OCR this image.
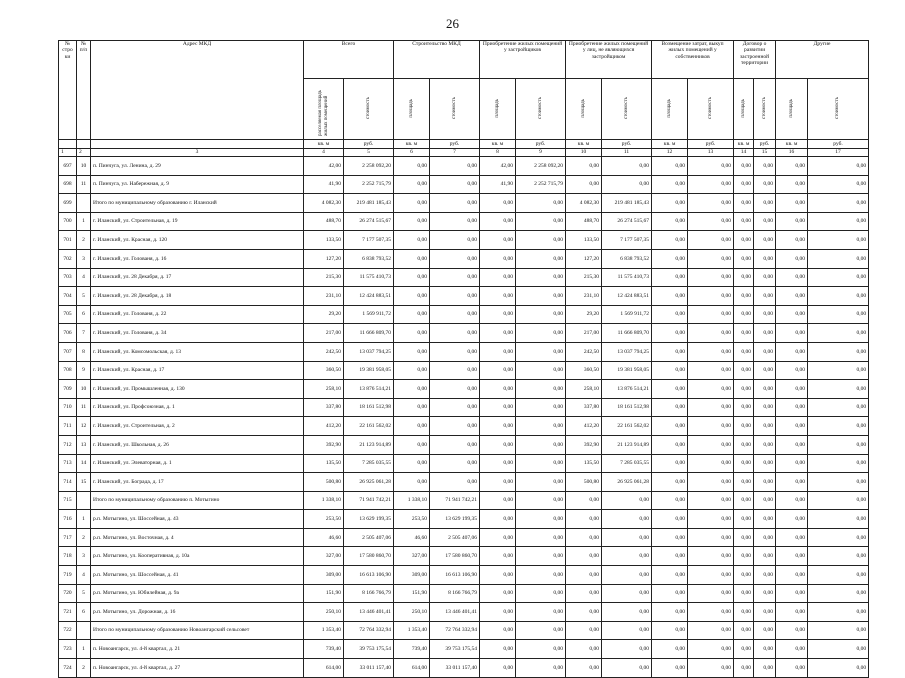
26
№ стро ки	№ п/п	Адрес МКД	Всего		Строительство МКД		Приобретение жилых помещений у застройщиков		Приобретение жилых помещений у лиц, не являющихся застройщиком		Возмещение затрат, выкуп жилых помещений у собственников		Договор о развитии застроенной территории		Другие	
			расселяемая площадь жилых помещений	стоимость	площадь	стоимость	площадь	стоимость	площадь	стоимость	площадь	стоимость	площадь	стоимость	площадь	стоимость
			кв. м	руб.	кв. м	руб.	кв. м	руб.	кв. м	руб.	кв. м	руб.	кв. м	руб.	кв. м	руб.
1	2	3	4	5	6	7	8	9	10	11	12	13	14	15	16	17
697	10	п. Пинчуга, ул. Ленина, д. 29	42,00	2 258 092,20	0,00	0,00	42,00	2 258 092,20	0,00	0,00	0,00	0,00	0,00	0,00	0,00	0,00
698	11	п. Пинчуга, ул. Набережная, д. 9	41,90	2 252 715,79	0,00	0,00	41,90	2 252 715,79	0,00	0,00	0,00	0,00	0,00	0,00	0,00	0,00
699		Итого по муниципальному образованию г. Иланский	4 082,30	219 481 185,43	0,00	0,00	0,00	0,00	4 082,30	219 481 185,43	0,00	0,00	0,00	0,00	0,00	0,00
700	1	г. Иланский, ул. Строительная, д. 19	488,70	26 274 515,67	0,00	0,00	0,00	0,00	488,70	26 274 515,67	0,00	0,00	0,00	0,00	0,00	0,00
701	2	г. Иланский, ул. Красная, д. 120	133,50	7 177 507,35	0,00	0,00	0,00	0,00	133,50	7 177 507,35	0,00	0,00	0,00	0,00	0,00	0,00
702	3	г. Иланский, ул. Голованя, д. 16	127,20	6 838 793,52	0,00	0,00	0,00	0,00	127,20	6 838 793,52	0,00	0,00	0,00	0,00	0,00	0,00
703	4	г. Иланский, ул. 28 Декабря, д. 17	215,30	11 575 410,73	0,00	0,00	0,00	0,00	215,30	11 575 410,73	0,00	0,00	0,00	0,00	0,00	0,00
704	5	г. Иланский, ул. 28 Декабря, д. 18	231,10	12 424 883,51	0,00	0,00	0,00	0,00	231,10	12 424 883,51	0,00	0,00	0,00	0,00	0,00	0,00
705	6	г. Иланский, ул. Голованя, д. 22	29,20	1 569 911,72	0,00	0,00	0,00	0,00	29,20	1 569 911,72	0,00	0,00	0,00	0,00	0,00	0,00
706	7	г. Иланский, ул. Голованя, д. 34	217,00	11 666 809,70	0,00	0,00	0,00	0,00	217,00	11 666 809,70	0,00	0,00	0,00	0,00	0,00	0,00
707	8	г. Иланский, ул. Комсомольская, д. 13	242,50	13 037 794,25	0,00	0,00	0,00	0,00	242,50	13 037 794,25	0,00	0,00	0,00	0,00	0,00	0,00
708	9	г. Иланский, ул. Красная, д. 17	360,50	19 381 958,05	0,00	0,00	0,00	0,00	360,50	19 381 958,05	0,00	0,00	0,00	0,00	0,00	0,00
709	10	г. Иланский, ул. Промышленная, д. 130	258,10	13 876 514,21	0,00	0,00	0,00	0,00	258,10	13 876 514,21	0,00	0,00	0,00	0,00	0,00	0,00
710	11	г. Иланский, ул. Профсоюзная, д. 1	337,80	18 161 512,98	0,00	0,00	0,00	0,00	337,80	18 161 512,98	0,00	0,00	0,00	0,00	0,00	0,00
711	12	г. Иланский, ул. Строительная, д. 2	412,20	22 161 562,02	0,00	0,00	0,00	0,00	412,20	22 161 562,02	0,00	0,00	0,00	0,00	0,00	0,00
712	13	г. Иланский, ул. Школьная, д. 26	392,90	21 123 914,89	0,00	0,00	0,00	0,00	392,90	21 123 914,89	0,00	0,00	0,00	0,00	0,00	0,00
713	14	г. Иланский, ул. Элеваторная, д. 1	135,50	7 285 035,55	0,00	0,00	0,00	0,00	135,50	7 285 035,55	0,00	0,00	0,00	0,00	0,00	0,00
714	15	г. Иланский, ул. Бограда, д. 17	500,80	26 925 061,28	0,00	0,00	0,00	0,00	500,80	26 925 061,28	0,00	0,00	0,00	0,00	0,00	0,00
715		Итого по муниципальному образованию п. Мотыгино	1 338,10	71 941 742,21	1 338,10	71 941 742,21	0,00	0,00	0,00	0,00	0,00	0,00	0,00	0,00	0,00	0,00
716	1	р.п. Мотыгино, ул. Шоссейная, д. 43	253,50	13 629 199,35	253,50	13 629 199,35	0,00	0,00	0,00	0,00	0,00	0,00	0,00	0,00	0,00	0,00
717	2	р.п. Мотыгино, ул. Восточная, д. 4	46,60	2 505 407,06	46,60	2 505 407,06	0,00	0,00	0,00	0,00	0,00	0,00	0,00	0,00	0,00	0,00
718	3	р.п. Мотыгино, ул. Кооперативная, д. 10а	327,00	17 580 860,70	327,00	17 580 860,70	0,00	0,00	0,00	0,00	0,00	0,00	0,00	0,00	0,00	0,00
719	4	р.п. Мотыгино, ул. Шоссейная, д. 41	309,00	16 613 106,90	309,00	16 613 106,90	0,00	0,00	0,00	0,00	0,00	0,00	0,00	0,00	0,00	0,00
720	5	р.п. Мотыгино, ул. Юбилейная, д. 9а	151,90	8 166 766,79	151,90	8 166 766,79	0,00	0,00	0,00	0,00	0,00	0,00	0,00	0,00	0,00	0,00
721	6	р.п. Мотыгино, ул. Дорожная, д. 16	250,10	13 446 401,41	250,10	13 446 401,41	0,00	0,00	0,00	0,00	0,00	0,00	0,00	0,00	0,00	0,00
722		Итого по муниципальному образованию Новоангарский сельсовет	1 353,40	72 764 332,94	1 353,40	72 764 332,94	0,00	0,00	0,00	0,00	0,00	0,00	0,00	0,00	0,00	0,00
723	1	п. Новоангарск, ул. 4-й квартал, д. 21	739,40	39 753 175,54	739,40	39 753 175,54	0,00	0,00	0,00	0,00	0,00	0,00	0,00	0,00	0,00	0,00
724	2	п. Новоангарск, ул. 4-й квартал, д. 27	614,00	33 011 157,40	614,00	33 011 157,40	0,00	0,00	0,00	0,00	0,00	0,00	0,00	0,00	0,00	0,00
